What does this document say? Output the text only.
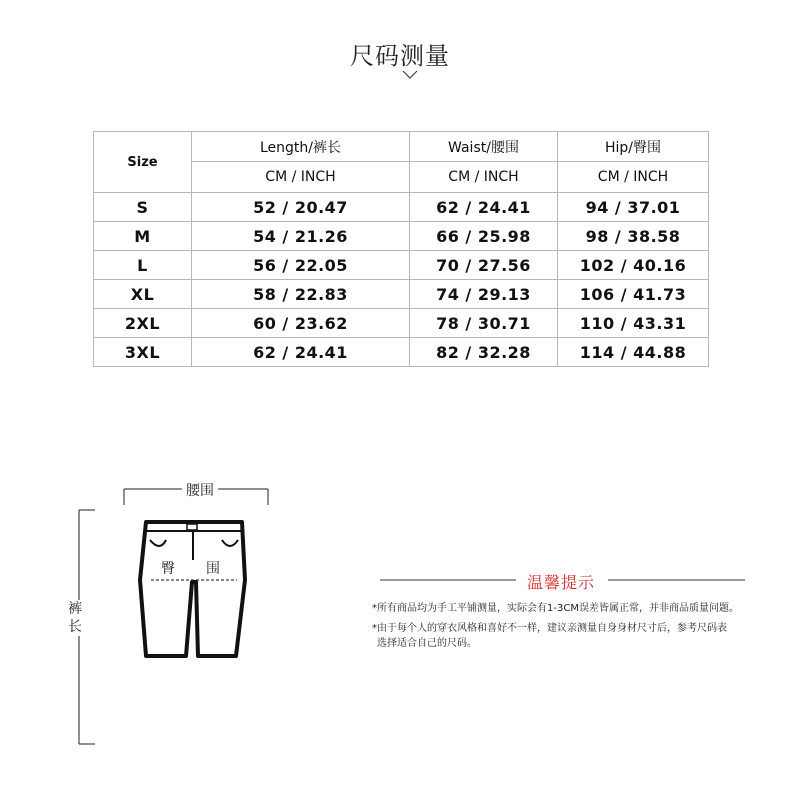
尺码测量
Size	Length/裤长	Waist/腰围	Hip/臀围
	CM / INCH	CM / INCH	CM / INCH
S	52 / 20.47	62 / 24.41	94 / 37.01
M	54 / 21.26	66 / 25.98	98 / 38.58
L	56 / 22.05	70 / 27.56	102 / 40.16
XL	58 / 22.83	74 / 29.13	106 / 41.73
2XL	60 / 23.62	78 / 30.71	110 / 43.31
3XL	62 / 24.41	82 / 32.28	114 / 44.88
腰围
裤
长
臀 围
温馨提示
*所有商品均为手工平铺测量，实际会有1-3CM误差皆属正常，并非商品质量问题。
*由于每个人的穿衣风格和喜好不一样，建议亲测量自身身材尺寸后，参考尺码表
选择适合自己的尺码。
